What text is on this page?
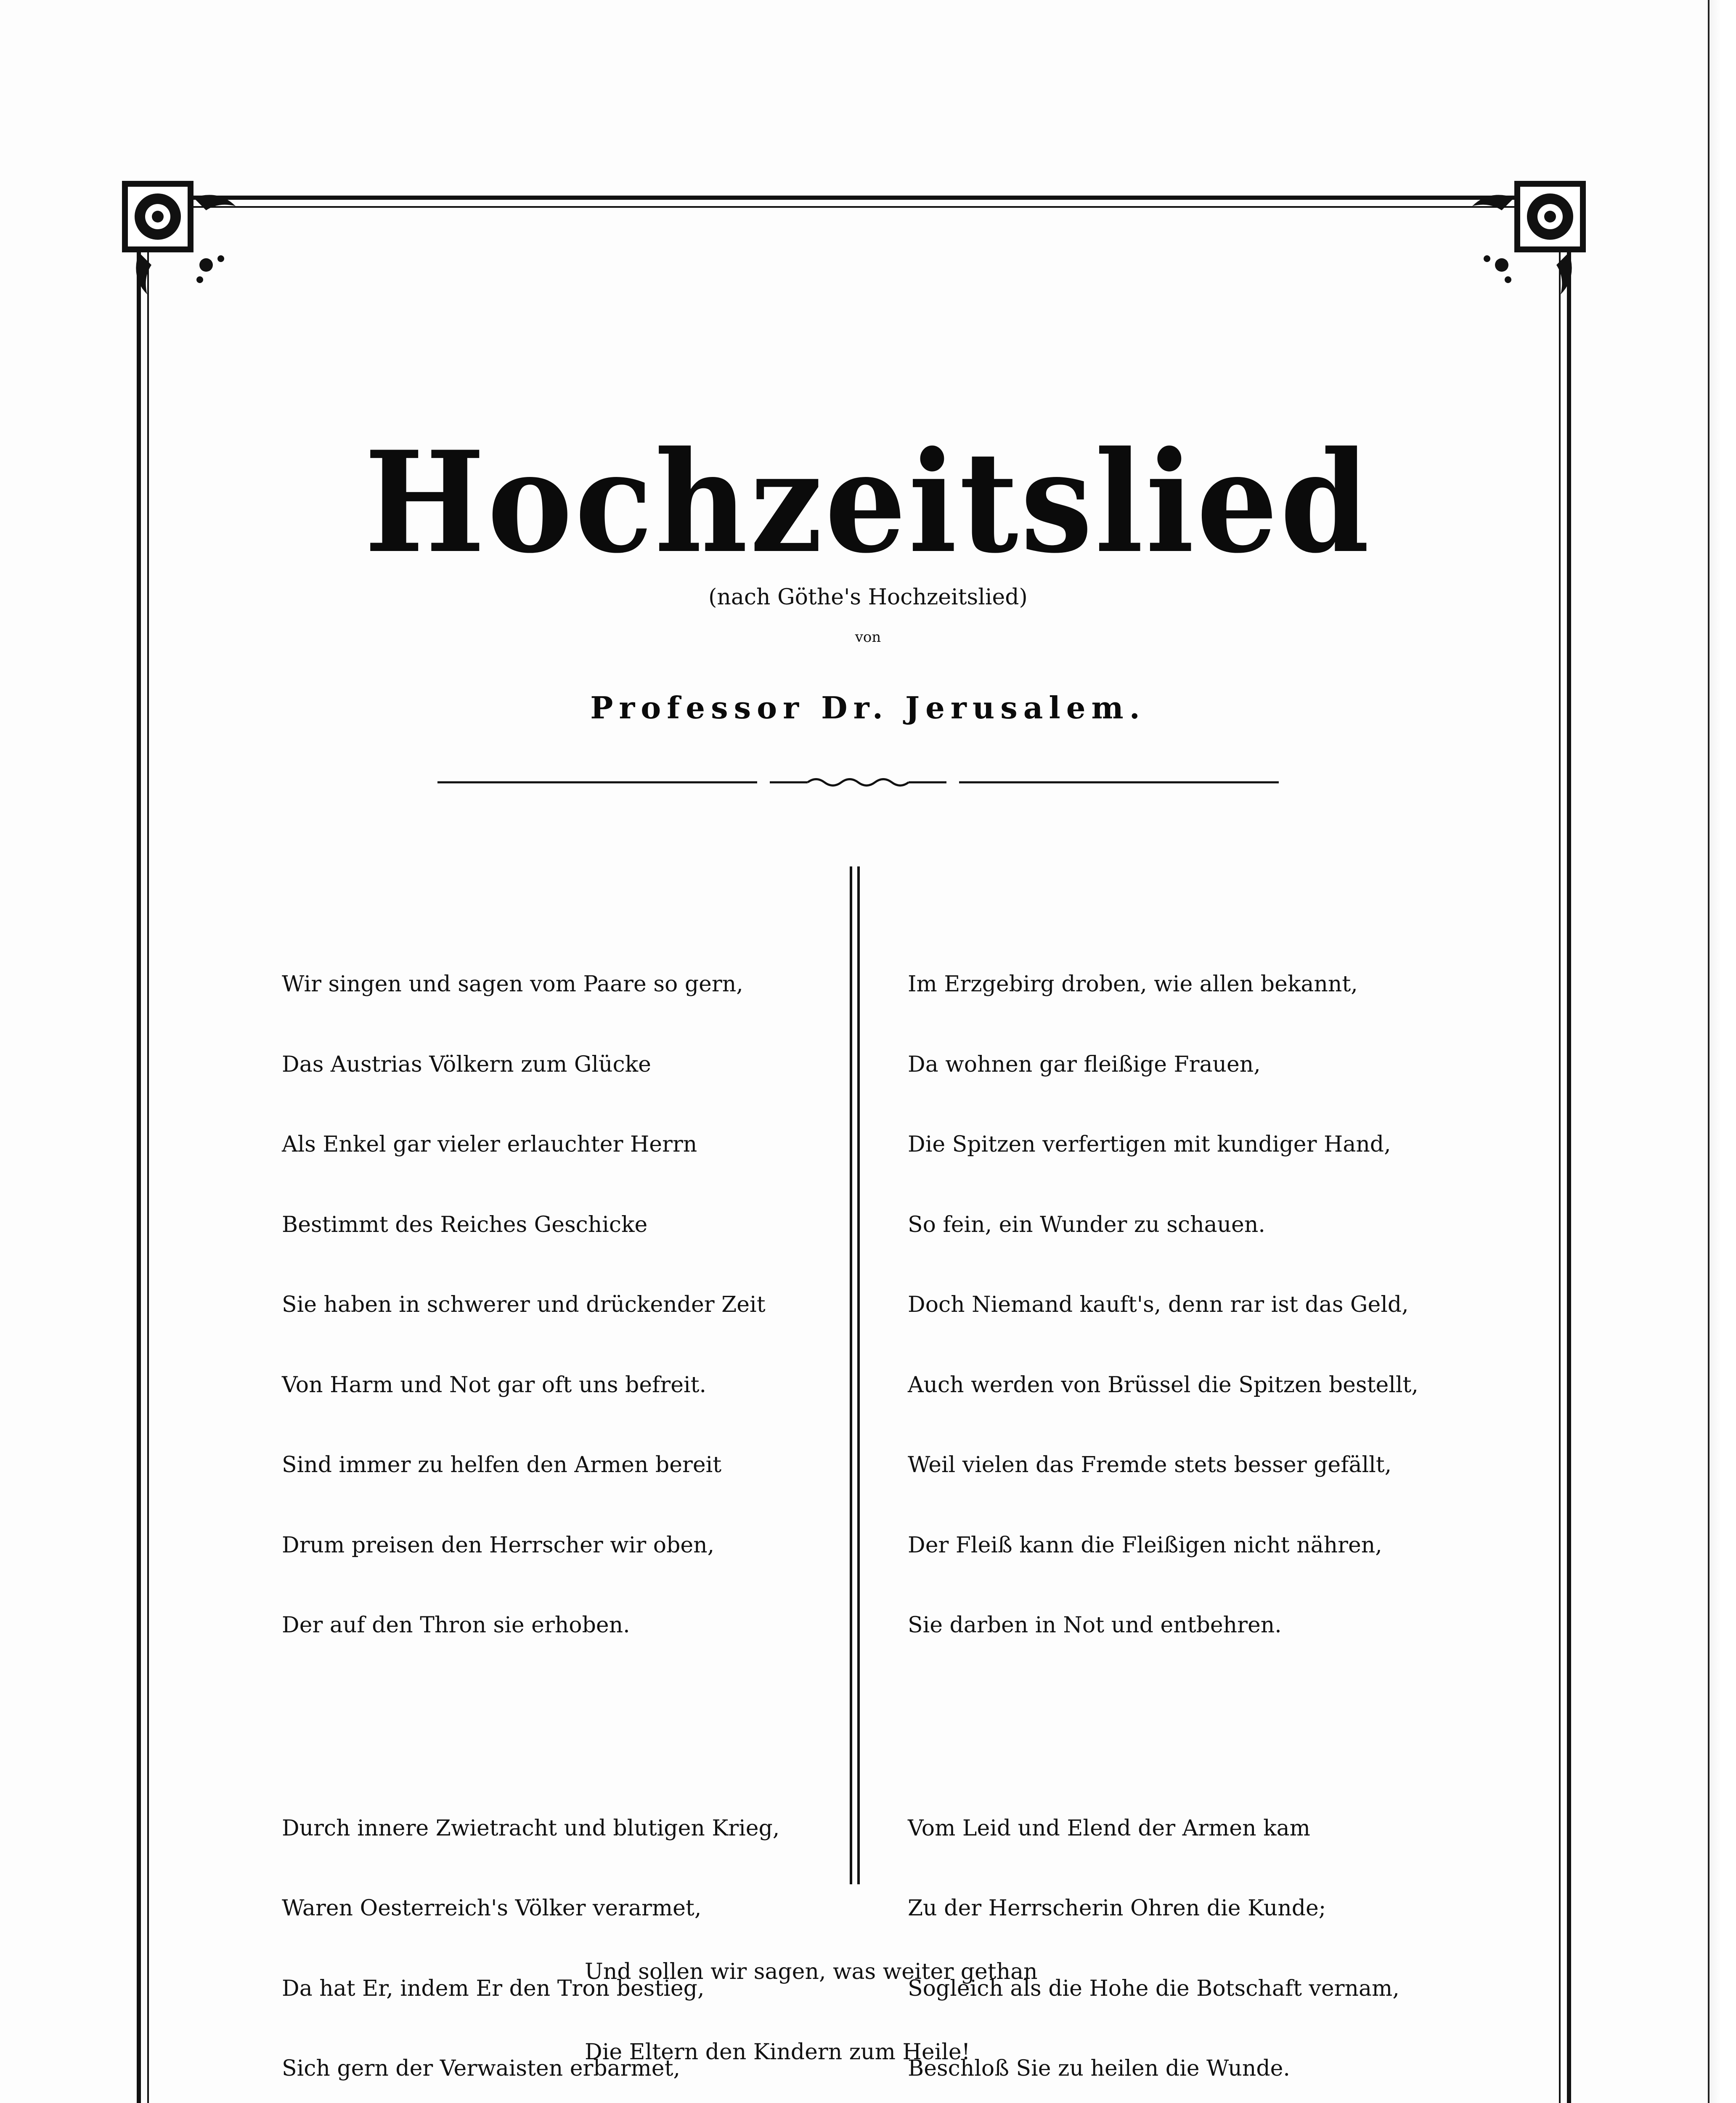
Hochzeitslied
(nach Göthe's Hochzeitslied)
von
Professor Dr. Jerusalem.

Wir singen und sagen vom Paare so gern,

Das Austrias Völkern zum Glücke

Als Enkel gar vieler erlauchter Herrn

Bestimmt des Reiches Geschicke

Sie haben in schwerer und drückender Zeit

Von Harm und Not gar oft uns befreit.

Sind immer zu helfen den Armen bereit

Drum preisen den Herrscher wir oben,

Der auf den Thron sie erhoben.

Durch innere Zwietracht und blutigen Krieg,

Waren Oesterreich's Völker verarmet,

Da hat Er, indem Er den Tron bestieg,

Sich gern der Verwaisten erbarmet,

Im Erzgebirg droben, wie allen bekannt,

Da wohnen gar fleißige Frauen,

Die Spitzen verfertigen mit kundiger Hand,

So fein, ein Wunder zu schauen.

Doch Niemand kauft's, denn rar ist das Geld,

Auch werden von Brüssel die Spitzen bestellt,

Weil vielen das Fremde stets besser gefällt,

Der Fleiß kann die Fleißigen nicht nähren,

Sie darben in Not und entbehren.

Vom Leid und Elend der Armen kam

Zu der Herrscherin Ohren die Kunde;

Sogleich als die Hohe die Botschaft vernam,

Beschloß Sie zu heilen die Wunde.

Und sollen wir sagen, was weiter gethan

Die Eltern den Kindern zum Heile!
